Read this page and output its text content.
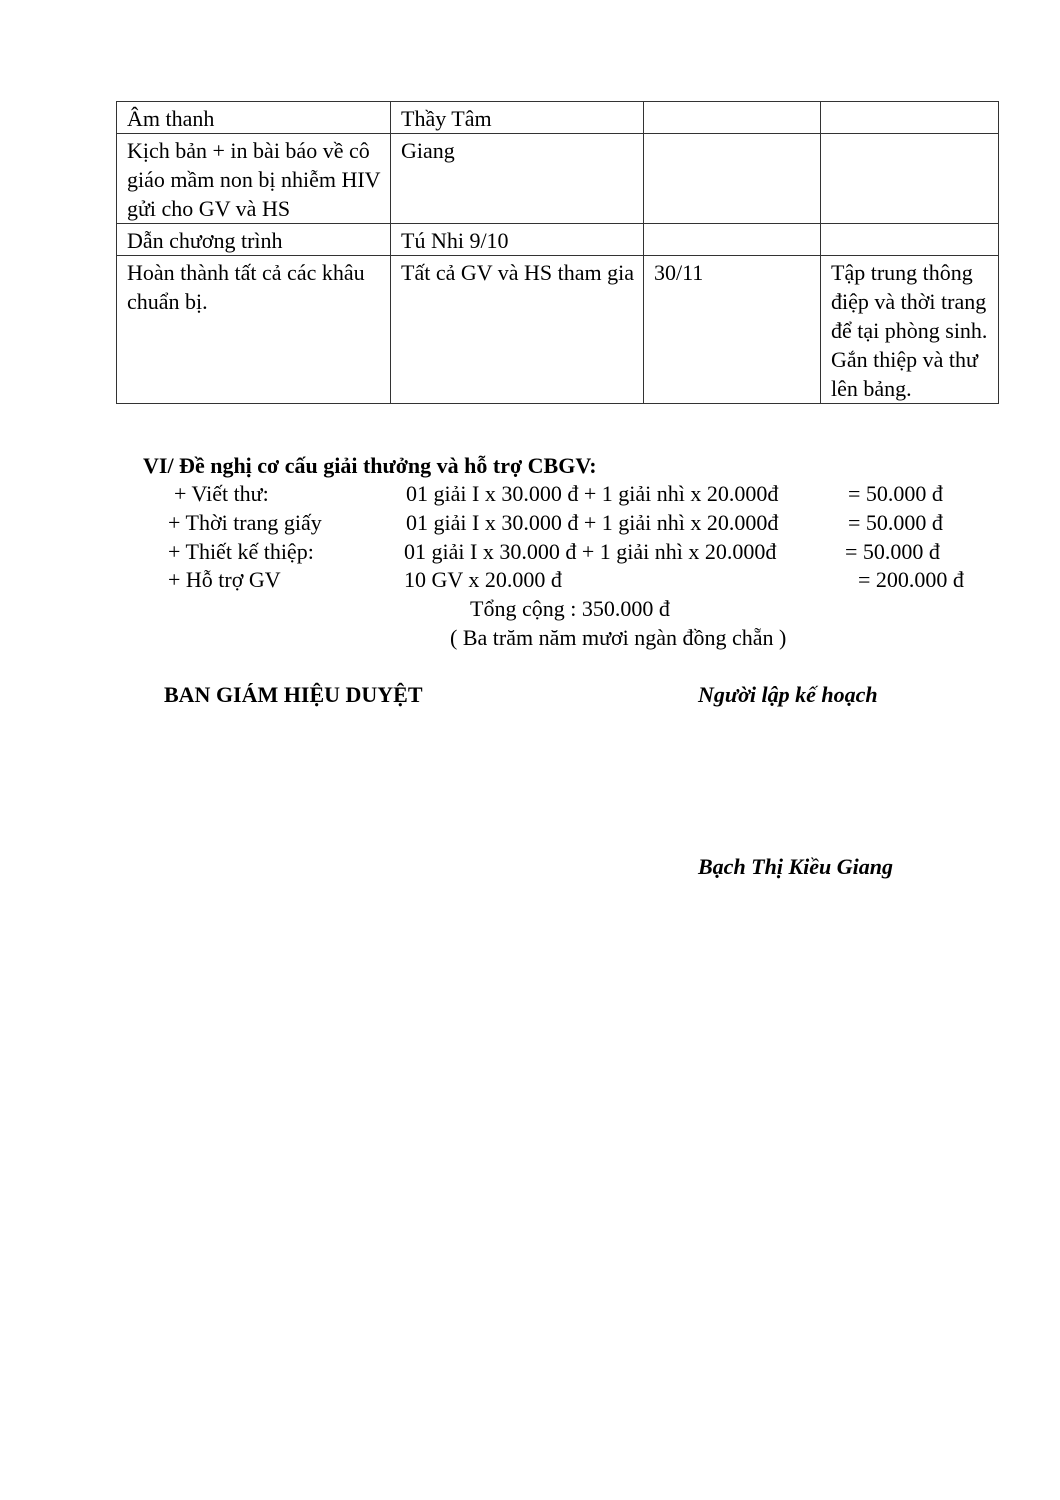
Âm thanh	Thầy Tâm		
Kịch bản + in bài báo về cô giáo mầm non bị nhiễm HIV gửi cho GV và HS	Giang		
Dẫn chương trình	Tú Nhi 9/10		
Hoàn thành tất cả các khâu chuẩn bị.	Tất cả GV và HS tham gia	30/11	Tập trung thông điệp và thời trang để tại phòng sinh. Gắn thiệp và thư lên bảng.
VI/ Đề nghị cơ cấu giải thưởng và hỗ trợ CBGV:
+ Viết thư:	01 giải I x 30.000 đ + 1 giải nhì x 20.000đ	= 50.000 đ
+ Thời trang giấy	01 giải I x 30.000 đ + 1 giải nhì x 20.000đ	= 50.000 đ
+ Thiết kế thiệp:	01 giải I x 30.000 đ + 1 giải nhì x 20.000đ	= 50.000 đ
+ Hỗ trợ GV	10 GV x 20.000 đ	= 200.000 đ
Tổng cộng : 350.000 đ
( Ba trăm năm mươi ngàn đồng chẵn )
BAN GIÁM HIỆU DUYỆT	Người lập kế hoạch
Bạch Thị Kiều Giang
